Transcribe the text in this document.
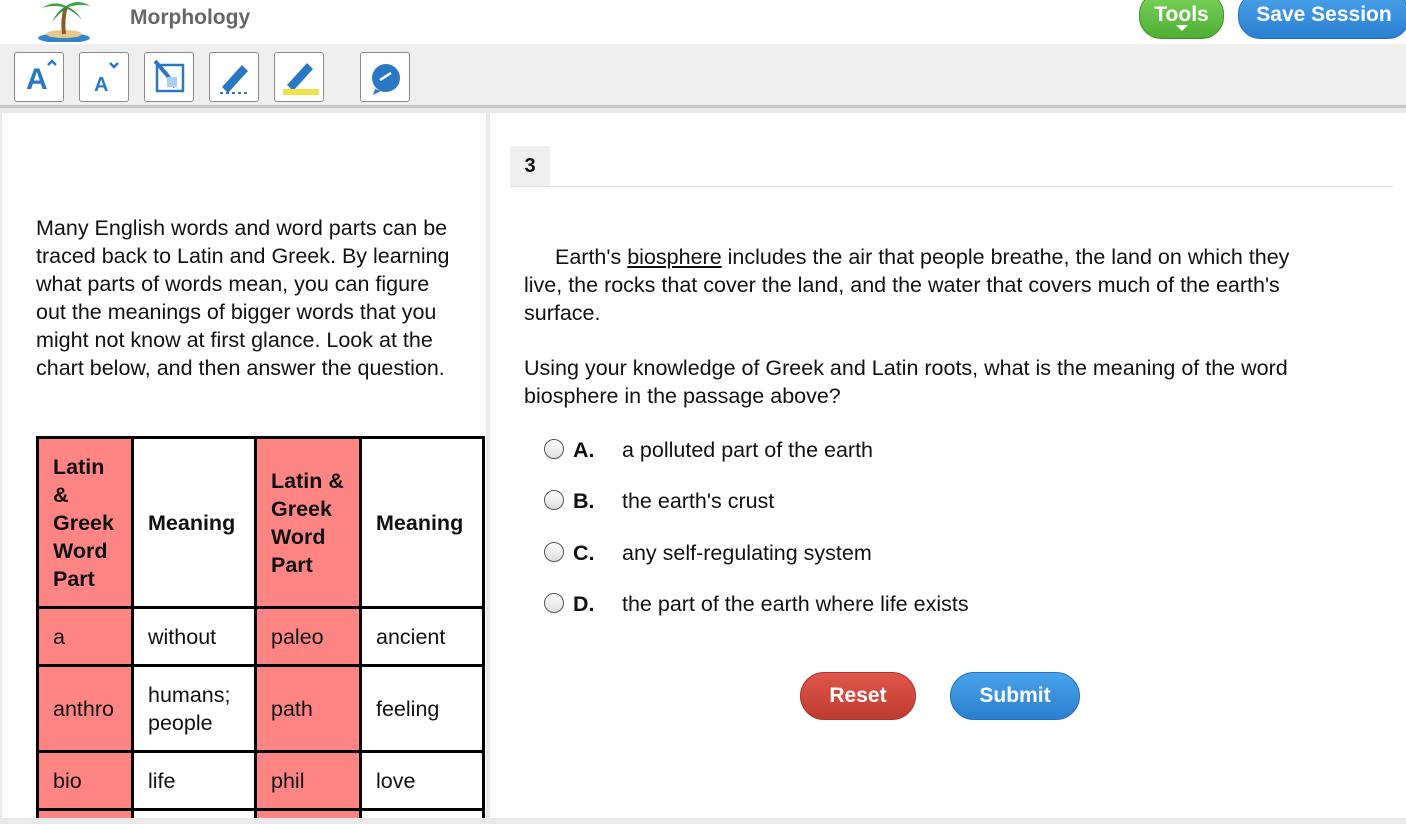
Morphology	Tools	Save Session
A A
Many English words and word parts can be traced back to Latin and Greek. By learning what parts of words mean, you can figure out the meanings of bigger words that you might not know at first glance. Look at the chart below, and then answer the question.
Latin & Greek Word Part	Meaning	Latin & Greek Word Part	Meaning
a	without	paleo	ancient
anthro	humans; people	path	feeling
bio	life	phil	love

3
Earth's biosphere includes the air that people breathe, the land on which they live, the rocks that cover the land, and the water that covers much of the earth's surface.
Using your knowledge of Greek and Latin roots, what is the meaning of the word biosphere in the passage above?
A. a polluted part of the earth
B. the earth's crust
C. any self-regulating system
D. the part of the earth where life exists
Reset	Submit
